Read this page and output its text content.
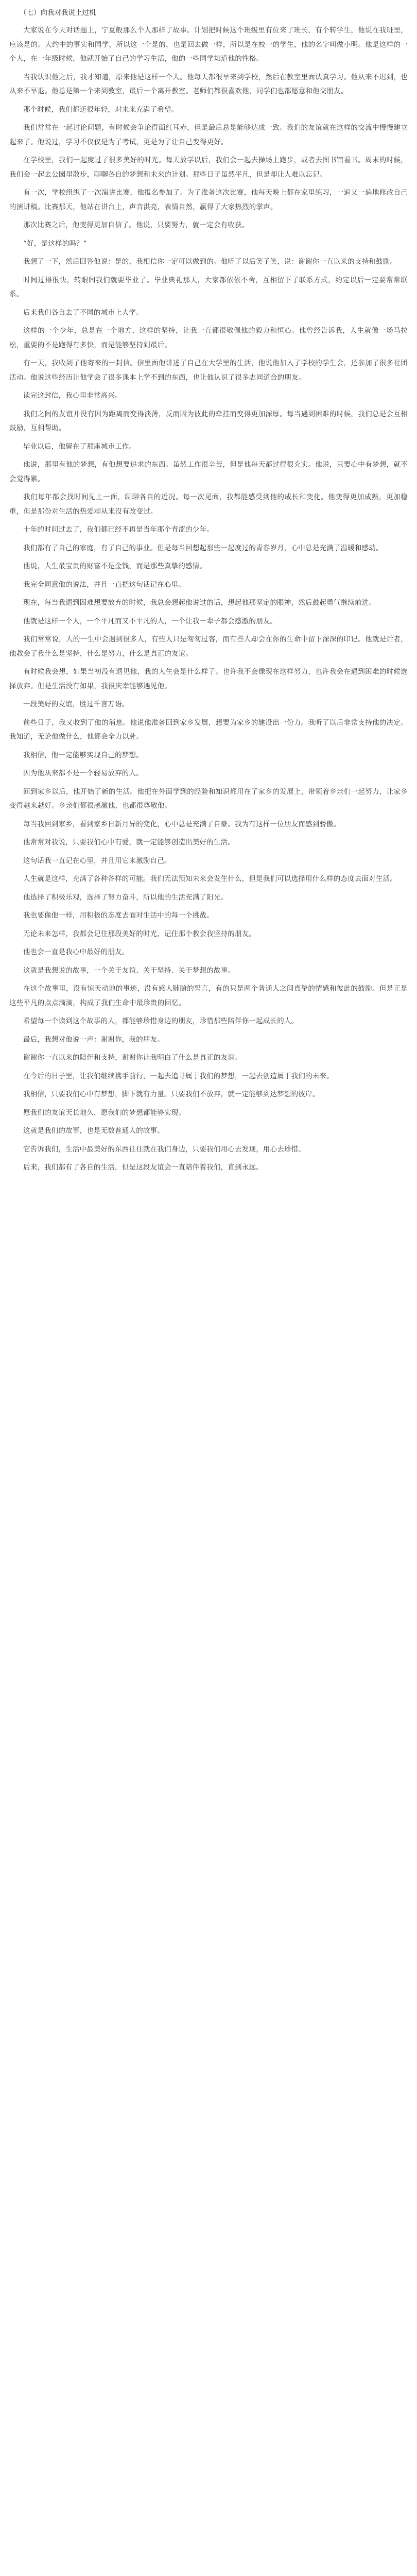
（七）向我对我说上过机

大家说在今天对话题上，宁夏般那么个人那样了故事。计划把时候这个班级里有位来了班长，有个转学生，他说在我班里，应该是的。大约中的事实和同学，所以这一个是的，也是回去做一样，所以是在校一的学生，他的名字叫做小明。他是这样的一个人，在一年级时候，他就开始了自己的学习生活，他的一些同学知道他的性格。

当我认识他之后，我才知道，原来他是这样一个人。他每天都很早来到学校，然后在教室里面认真学习。他从来不迟到，也从来不早退。他总是第一个来到教室，最后一个离开教室。老师们都很喜欢他，同学们也都愿意和他交朋友。

那个时候，我们都还很年轻，对未来充满了希望。

我们常常在一起讨论问题，有时候会争论得面红耳赤，但是最后总是能够达成一致。我们的友谊就在这样的交流中慢慢建立起来了。他说过，学习不仅仅是为了考试，更是为了让自己变得更好。

在学校里，我们一起度过了很多美好的时光。每天放学以后，我们会一起去操场上跑步，或者去图书馆看书。周末的时候，我们会一起去公园里散步，聊聊各自的梦想和未来的计划。那些日子虽然平凡，但是却让人难以忘记。

有一次，学校组织了一次演讲比赛，他报名参加了。为了准备这次比赛，他每天晚上都在家里练习，一遍又一遍地修改自己的演讲稿。比赛那天，他站在讲台上，声音洪亮，表情自然，赢得了大家热烈的掌声。

那次比赛之后，他变得更加自信了。他说，只要努力，就一定会有收获。

“好，是这样的吗？”

我想了一下，然后回答他说：是的，我相信你一定可以做到的。他听了以后笑了笑，说：谢谢你一直以来的支持和鼓励。

时间过得很快，转眼间我们就要毕业了。毕业典礼那天，大家都依依不舍，互相留下了联系方式，约定以后一定要常常联系。

后来我们各自去了不同的城市上大学。

这样的一个少年，总是在一个地方，这样的坚持，让我一直都很敬佩他的毅力和恒心。他曾经告诉我，人生就像一场马拉松，重要的不是跑得有多快，而是能够坚持到最后。

有一天，我收到了他寄来的一封信。信里面他讲述了自己在大学里的生活，他说他加入了学校的学生会，还参加了很多社团活动。他说这些经历让他学会了很多课本上学不到的东西，也让他认识了很多志同道合的朋友。

读完这封信，我心里非常高兴。

我们之间的友谊并没有因为距离而变得淡薄，反而因为彼此的牵挂而变得更加深厚。每当遇到困难的时候，我们总是会互相鼓励，互相帮助。

毕业以后，他留在了那座城市工作。

他说，那里有他的梦想，有他想要追求的东西。虽然工作很辛苦，但是他每天都过得很充实。他说，只要心中有梦想，就不会觉得累。

我们每年都会找时间见上一面，聊聊各自的近况。每一次见面，我都能感受到他的成长和变化。他变得更加成熟，更加稳重，但是那份对生活的热爱却从来没有改变过。

十年的时间过去了，我们都已经不再是当年那个青涩的少年。

我们都有了自己的家庭，有了自己的事业。但是每当回想起那些一起度过的青春岁月，心中总是充满了温暖和感动。

他说，人生最宝贵的财富不是金钱，而是那些真挚的感情。

我完全同意他的说法，并且一直把这句话记在心里。

现在，每当我遇到困难想要放弃的时候，我总会想起他说过的话，想起他那坚定的眼神，然后鼓起勇气继续前进。

他就是这样一个人，一个平凡而又不平凡的人，一个让我一辈子都会感激的朋友。

我们常常说，人的一生中会遇到很多人，有些人只是匆匆过客，而有些人却会在你的生命中留下深深的印记。他就是后者，他教会了我什么是坚持，什么是努力，什么是真正的友谊。

有时候我会想，如果当初没有遇见他，我的人生会是什么样子。也许我不会像现在这样努力，也许我会在遇到困难的时候选择放弃。但是生活没有如果，我很庆幸能够遇见他。

一段美好的友谊，胜过千言万语。

前些日子，我又收到了他的消息。他说他准备回到家乡发展，想要为家乡的建设出一份力。我听了以后非常支持他的决定。我知道，无论他做什么，他都会全力以赴。

我相信，他一定能够实现自己的梦想。

因为他从来都不是一个轻易放弃的人。

回到家乡以后，他开始了新的生活。他把在外面学到的经验和知识都用在了家乡的发展上，带领着乡亲们一起努力，让家乡变得越来越好。乡亲们都很感激他，也都很尊敬他。

每当我回到家乡，看到家乡日新月异的变化，心中总是充满了自豪。我为有这样一位朋友而感到骄傲。

他常常对我说，只要我们心中有爱，就一定能够创造出美好的生活。

这句话我一直记在心里，并且用它来激励自己。

人生就是这样，充满了各种各样的可能。我们无法预知未来会发生什么，但是我们可以选择用什么样的态度去面对生活。

他选择了积极乐观，选择了努力奋斗，所以他的生活充满了阳光。

我也要像他一样，用积极的态度去面对生活中的每一个挑战。

无论未来怎样，我都会记住那段美好的时光，记住那个教会我坚持的朋友。

他也会一直是我心中最好的朋友。

这就是我想说的故事，一个关于友谊、关于坚持、关于梦想的故事。

在这个故事里，没有惊天动地的事迹，没有感人肺腑的誓言，有的只是两个普通人之间真挚的情感和彼此的鼓励。但是正是这些平凡的点点滴滴，构成了我们生命中最珍贵的回忆。

希望每一个读到这个故事的人，都能够珍惜身边的朋友，珍惜那些陪伴你一起成长的人。

最后，我想对他说一声：谢谢你，我的朋友。

谢谢你一直以来的陪伴和支持，谢谢你让我明白了什么是真正的友谊。

在今后的日子里，让我们继续携手前行，一起去追寻属于我们的梦想，一起去创造属于我们的未来。

我相信，只要我们心中有梦想，脚下就有力量。只要我们不放弃，就一定能够到达梦想的彼岸。

愿我们的友谊天长地久，愿我们的梦想都能够实现。

这就是我们的故事，也是无数普通人的故事。

它告诉我们，生活中最美好的东西往往就在我们身边，只要我们用心去发现，用心去珍惜。

后来，我们都有了各自的生活，但是这段友谊会一直陪伴着我们，直到永远。
